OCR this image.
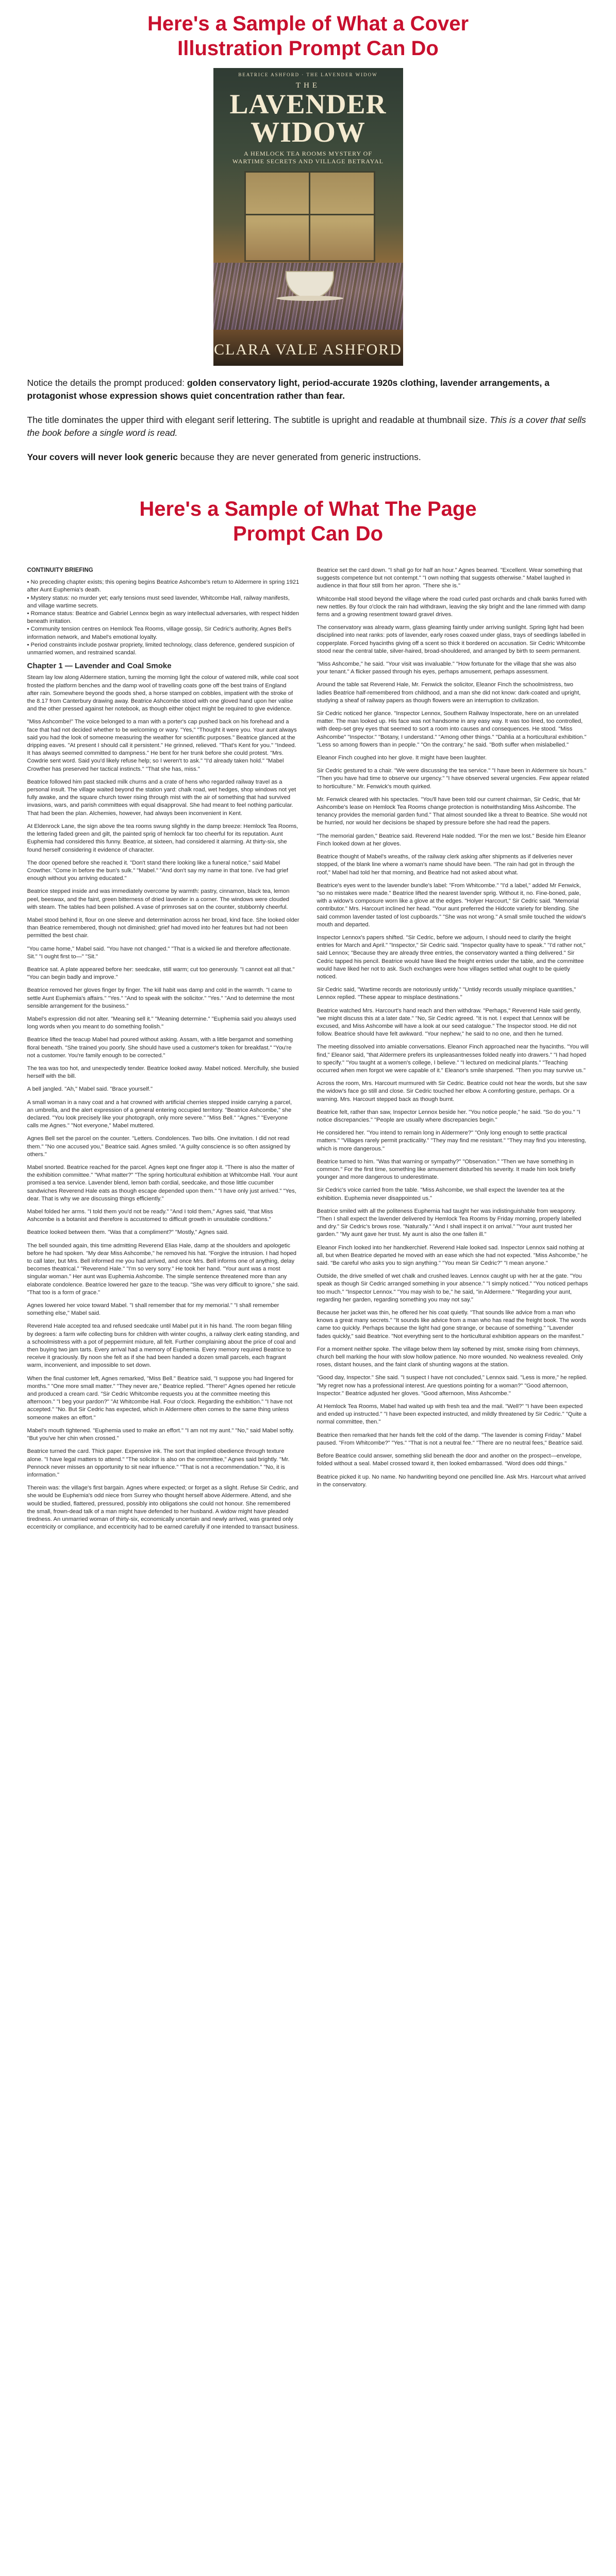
Here's a Sample of What a Cover Illustration Prompt Can Do
BEATRICE ASHFORD · THE LAVENDER WIDOW
THE
LAVENDER
WIDOW
A HEMLOCK TEA ROOMS MYSTERY OF
WARTIME SECRETS AND VILLAGE BETRAYAL
CLARA VALE ASHFORD

Notice the details the prompt produced: golden conservatory light, period-accurate 1920s clothing, lavender arrangements, a protagonist whose expression shows quiet concentration rather than fear.

The title dominates the upper third with elegant serif lettering. The subtitle is upright and readable at thumbnail size. This is a cover that sells the book before a single word is read.

Your covers will never look generic because they are never generated from generic instructions.

Here's a Sample of What The Page Prompt Can Do
CONTINUITY BRIEFING

• No preceding chapter exists; this opening begins Beatrice Ashcombe's return to Aldermere in spring 1921 after Aunt Euphemia's death.
• Mystery status: no murder yet; early tensions must seed lavender, Whitcombe Hall, railway manifests, and village wartime secrets.
• Romance status: Beatrice and Gabriel Lennox begin as wary intellectual adversaries, with respect hidden beneath irritation.
• Community tension centres on Hemlock Tea Rooms, village gossip, Sir Cedric's authority, Agnes Bell's information network, and Mabel's emotional loyalty.
• Period constraints include postwar propriety, limited technology, class deference, gendered suspicion of unmarried women, and restrained scandal.

Chapter 1 — Lavender and Coal Smoke

Steam lay low along Aldermere station, turning the morning light the colour of watered milk, while coal soot frosted the platform benches and the damp wool of travelling coats gone off the best trains of England after rain. Somewhere beyond the goods shed, a horse stamped on cobbles, impatient with the stroke of the 8.17 from Canterbury drawing away. Beatrice Ashcombe stood with one gloved hand upon her valise and the other pressed against her notebook, as though either object might be required to give evidence.

"Miss Ashcombe!" The voice belonged to a man with a porter's cap pushed back on his forehead and a face that had not decided whether to be welcoming or wary. "Yes," "Thought it were you. Your aunt always said you had the look of someone measuring the weather for scientific purposes." Beatrice glanced at the dripping eaves. "At present I should call it persistent." He grinned, relieved. "That's Kent for you." "Indeed. It has always seemed committed to dampness." He bent for her trunk before she could protest. "Mrs. Cowdrie sent word. Said you'd likely refuse help; so I weren't to ask." "I'd already taken hold." "Mabel Crowther has preserved her tactical instincts." "That she has, miss."

Beatrice followed him past stacked milk churns and a crate of hens who regarded railway travel as a personal insult. The village waited beyond the station yard: chalk road, wet hedges, shop windows not yet fully awake, and the square church tower rising through mist with the air of something that had survived invasions, wars, and parish committees with equal disapproval. She had meant to feel nothing particular. That had been the plan. Alchemies, however, had always been inconvenient in Kent.

At Eldenrock Lane, the sign above the tea rooms swung slightly in the damp breeze: Hemlock Tea Rooms, the lettering faded green and gilt, the painted sprig of hemlock far too cheerful for its reputation. Aunt Euphemia had considered this funny. Beatrice, at sixteen, had considered it alarming. At thirty-six, she found herself considering it evidence of character.

The door opened before she reached it. "Don't stand there looking like a funeral notice," said Mabel Crowther. "Come in before the bun's sulk." "Mabel." "And don't say my name in that tone. I've had grief enough without you arriving educated."

Beatrice stepped inside and was immediately overcome by warmth: pastry, cinnamon, black tea, lemon peel, beeswax, and the faint, green bitterness of dried lavender in a corner. The windows were clouded with steam. The tables had been polished. A vase of primroses sat on the counter, stubbornly cheerful.

Mabel stood behind it, flour on one sleeve and determination across her broad, kind face. She looked older than Beatrice remembered, though not diminished; grief had moved into her features but had not been permitted the best chair.

"You came home," Mabel said. "You have not changed." "That is a wicked lie and therefore affectionate. Sit." "I ought first to—" "Sit."

Beatrice sat. A plate appeared before her: seedcake, still warm; cut too generously. "I cannot eat all that." "You can begin badly and improve."

Beatrice removed her gloves finger by finger. The kill habit was damp and cold in the warmth. "I came to settle Aunt Euphemia's affairs." "Yes." "And to speak with the solicitor." "Yes." "And to determine the most sensible arrangement for the business."

Mabel's expression did not alter. "Meaning sell it." "Meaning determine." "Euphemia said you always used long words when you meant to do something foolish."

Beatrice lifted the teacup Mabel had poured without asking. Assam, with a little bergamot and something floral beneath. "She trained you poorly. She should have used a customer's token for breakfast." "You're not a customer. You're family enough to be corrected."

The tea was too hot, and unexpectedly tender. Beatrice looked away. Mabel noticed. Mercifully, she busied herself with the bill.

A bell jangled. "Ah," Mabel said. "Brace yourself."

A small woman in a navy coat and a hat crowned with artificial cherries stepped inside carrying a parcel, an umbrella, and the alert expression of a general entering occupied territory. "Beatrice Ashcombe," she declared. "You look precisely like your photograph, only more severe." "Miss Bell." "Agnes." "Everyone calls me Agnes." "Not everyone," Mabel muttered.

Agnes Bell set the parcel on the counter. "Letters. Condolences. Two bills. One invitation. I did not read them." "No one accused you," Beatrice said. Agnes smiled. "A guilty conscience is so often assigned by others."

Mabel snorted. Beatrice reached for the parcel. Agnes kept one finger atop it. "There is also the matter of the exhibition committee." "What matter?" "The spring horticultural exhibition at Whitcombe Hall. Your aunt promised a tea service. Lavender blend, lemon bath cordial, seedcake, and those little cucumber sandwiches Reverend Hale eats as though escape depended upon them." "I have only just arrived." "Yes, dear. That is why we are discussing things efficiently."

Mabel folded her arms. "I told them you'd not be ready." "And I told them," Agnes said, "that Miss Ashcombe is a botanist and therefore is accustomed to difficult growth in unsuitable conditions."

Beatrice looked between them. "Was that a compliment?" "Mostly," Agnes said.

The bell sounded again, this time admitting Reverend Elias Hale, damp at the shoulders and apologetic before he had spoken. "My dear Miss Ashcombe," he removed his hat. "Forgive the intrusion. I had hoped to call later, but Mrs. Bell informed me you had arrived, and once Mrs. Bell informs one of anything, delay becomes theatrical." "Reverend Hale." "I'm so very sorry." He took her hand. "Your aunt was a most singular woman." Her aunt was Euphemia Ashcombe. The simple sentence threatened more than any elaborate condolence. Beatrice lowered her gaze to the teacup. "She was very difficult to ignore," she said. "That too is a form of grace."

Agnes lowered her voice toward Mabel. "I shall remember that for my memorial." "I shall remember something else," Mabel said.

Reverend Hale accepted tea and refused seedcake until Mabel put it in his hand. The room began filling by degrees: a farm wife collecting buns for children with winter coughs, a railway clerk eating standing, and a schoolmistress with a pot of peppermint mixture, all felt. Further complaining about the price of coal and then buying two jam tarts. Every arrival had a memory of Euphemia. Every memory required Beatrice to receive it graciously. By noon she felt as if she had been handed a dozen small parcels, each fragrant warm, inconvenient, and impossible to set down.

When the final customer left, Agnes remarked, "Miss Bell." Beatrice said, "I suppose you had lingered for months." "One more small matter." "They never are," Beatrice replied. "There!" Agnes opened her reticule and produced a cream card. "Sir Cedric Whitcombe requests you at the committee meeting this afternoon." "I beg your pardon?" "At Whitcombe Hall. Four o'clock. Regarding the exhibition." "I have not accepted." "No. But Sir Cedric has expected, which in Aldermere often comes to the same thing unless someone makes an effort."

Mabel's mouth tightened. "Euphemia used to make an effort." "I am not my aunt." "No," said Mabel softly. "But you've her chin when crossed."

Beatrice turned the card. Thick paper. Expensive ink. The sort that implied obedience through texture alone. "I have legal matters to attend." "The solicitor is also on the committee," Agnes said brightly. "Mr. Pennock never misses an opportunity to sit near influence." "That is not a recommendation." "No, it is information."

Therein was: the village's first bargain. Agnes where expected; or forget as a slight. Refuse Sir Cedric, and she would be Euphemia's odd niece from Surrey who thought herself above Aldermere. Attend, and she would be studied, flattered, pressured, possibly into obligations she could not honour. She remembered the small, frown-dead talk of a man might have defended to her husband. A widow might have pleaded tiredness. An unmarried woman of thirty-six, economically uncertain and newly arrived, was granted only eccentricity or compliance, and eccentricity had to be earned carefully if one intended to transact business.

Beatrice set the card down. "I shall go for half an hour." Agnes beamed. "Excellent. Wear something that suggests competence but not contempt." "I own nothing that suggests otherwise." Mabel laughed in audience in that flour still from her apron. "There she is."

Whitcombe Hall stood beyond the village where the road curled past orchards and chalk banks furred with new nettles. By four o'clock the rain had withdrawn, leaving the sky bright and the lane rimmed with damp ferns and a growing resentment toward gravel drives.

The conservatory was already warm, glass gleaming faintly under arriving sunlight. Spring light had been disciplined into neat ranks: pots of lavender, early roses coaxed under glass, trays of seedlings labelled in copperplate. Forced hyacinths giving off a scent so thick it bordered on accusation. Sir Cedric Whitcombe stood near the central table, silver-haired, broad-shouldered, and arranged by birth to seem permanent.

"Miss Ashcombe," he said. "Your visit was invaluable." "How fortunate for the village that she was also your tenant." A flicker passed through his eyes, perhaps amusement, perhaps assessment.

Around the table sat Reverend Hale, Mr. Fenwick the solicitor, Eleanor Finch the schoolmistress, two ladies Beatrice half-remembered from childhood, and a man she did not know: dark-coated and upright, studying a sheaf of railway papers as though flowers were an interruption to civilization.

Sir Cedric noticed her glance. "Inspector Lennox, Southern Railway Inspectorate, here on an unrelated matter. The man looked up. His face was not handsome in any easy way. It was too lined, too controlled, with deep-set grey eyes that seemed to sort a room into causes and consequences. He stood. "Miss Ashcombe" "Inspector." "Botany, I understand." "Among other things." "Dahlia at a horticultural exhibition." "Less so among flowers than in people." "On the contrary," he said. "Both suffer when mislabelled."

Eleanor Finch coughed into her glove. It might have been laughter.

Sir Cedric gestured to a chair. "We were discussing the tea service." "I have been in Aldermere six hours." "Then you have had time to observe our urgency." "I have observed several urgencies. Few appear related to horticulture." Mr. Fenwick's mouth quirked.

Mr. Fenwick cleared with his spectacles. "You'll have been told our current chairman, Sir Cedric, that Mr Ashcombe's lease on Hemlock Tea Rooms change protection is notwithstanding Miss Ashcombe. The tenancy provides the memorial garden fund." That almost sounded like a threat to Beatrice. She would not be hurried, nor would her decisions be shaped by pressure before she had read the papers.

"The memorial garden," Beatrice said. Reverend Hale nodded. "For the men we lost." Beside him Eleanor Finch looked down at her gloves.

Beatrice thought of Mabel's wreaths, of the railway clerk asking after shipments as if deliveries never stopped, of the blank line where a woman's name should have been. "The rain had got in through the roof," Mabel had told her that morning, and Beatrice had not asked about what.

Beatrice's eyes went to the lavender bundle's label: "From Whitcombe." "I'd a label," added Mr Fenwick, "so no mistakes were made." Beatrice lifted the nearest lavender sprig. Without it, no. Fine-boned, pale, with a widow's composure worn like a glove at the edges. "Holyer Harcourt," Sir Cedric said. "Memorial contributor." Mrs. Harcourt inclined her head. "Your aunt preferred the Hidcote variety for blending. She said common lavender tasted of lost cupboards." "She was not wrong." A small smile touched the widow's mouth and departed.

Inspector Lennox's papers shifted. "Sir Cedric, before we adjourn, I should need to clarify the freight entries for March and April." "Inspector," Sir Cedric said. "Inspector quality have to speak." "I'd rather not," said Lennox; "Because they are already three entries, the conservatory wanted a thing delivered." Sir Cedric tapped his pencil. Beatrice would have liked the freight entries under the table, and the committee would have liked her not to ask. Such exchanges were how villages settled what ought to be quietly noticed.

Sir Cedric said, "Wartime records are notoriously untidy." "Untidy records usually misplace quantities," Lennox replied. "These appear to misplace destinations."

Beatrice watched Mrs. Harcourt's hand reach and then withdraw. "Perhaps," Reverend Hale said gently, "we might discuss this at a later date." "No, Sir Cedric agreed. "It is not. I expect that Lennox will be excused, and Miss Ashcombe will have a look at our seed catalogue." The Inspector stood. He did not follow. Beatrice should have felt awkward. "Your nephew," he said to no one, and then he turned.

The meeting dissolved into amiable conversations. Eleanor Finch approached near the hyacinths. "You will find," Eleanor said, "that Aldermere prefers its unpleasantnesses folded neatly into drawers." "I had hoped to specify." "You taught at a women's college, I believe." "I lectured on medicinal plants." "Teaching occurred when men forgot we were capable of it." Eleanor's smile sharpened. "Then you may survive us."

Across the room, Mrs. Harcourt murmured with Sir Cedric. Beatrice could not hear the words, but she saw the widow's face go still and close. Sir Cedric touched her elbow. A comforting gesture, perhaps. Or a warning. Mrs. Harcourt stepped back as though burnt.

Beatrice felt, rather than saw, Inspector Lennox beside her. "You notice people," he said. "So do you." "I notice discrepancies." "People are usually where discrepancies begin."

He considered her. "You intend to remain long in Aldermere?" "Only long enough to settle practical matters." "Villages rarely permit practicality." "They may find me resistant." "They may find you interesting, which is more dangerous."

Beatrice turned to him. "Was that warning or sympathy?" "Observation." "Then we have something in common." For the first time, something like amusement disturbed his severity. It made him look briefly younger and more dangerous to underestimate.

Sir Cedric's voice carried from the table. "Miss Ashcombe, we shall expect the lavender tea at the exhibition. Euphemia never disappointed us."

Beatrice smiled with all the politeness Euphemia had taught her was indistinguishable from weaponry. "Then I shall expect the lavender delivered by Hemlock Tea Rooms by Friday morning, properly labelled and dry." Sir Cedric's brows rose. "Naturally." "And I shall inspect it on arrival." "Your aunt trusted her garden." "My aunt gave her trust. My aunt is also the one fallen ill."

Eleanor Finch looked into her handkerchief. Reverend Hale looked sad. Inspector Lennox said nothing at all, but when Beatrice departed he moved with an ease which she had not expected. "Miss Ashcombe," he said. "Be careful who asks you to sign anything." "You mean Sir Cedric?" "I mean anyone."

Outside, the drive smelled of wet chalk and crushed leaves. Lennox caught up with her at the gate. "You speak as though Sir Cedric arranged something in your absence." "I simply noticed." "You noticed perhaps too much." "Inspector Lennox." "You may wish to be," he said, "in Aldermere." "Regarding your aunt, regarding her garden, regarding something you may not say."

Because her jacket was thin, he offered her his coat quietly. "That sounds like advice from a man who knows a great many secrets." "It sounds like advice from a man who has read the freight book. The words came too quickly. Perhaps because the light had gone strange, or because of something." "Lavender fades quickly," said Beatrice. "Not everything sent to the horticultural exhibition appears on the manifest."

For a moment neither spoke. The village below them lay softened by mist, smoke rising from chimneys, church bell marking the hour with slow hollow patience. No more wounded. No weakness revealed. Only roses, distant houses, and the faint clank of shunting wagons at the station.

"Good day, Inspector." She said. "I suspect I have not concluded," Lennox said. "Less is more," he replied. "My regret now has a professional interest. Are questions pointing for a woman?" "Good afternoon, Inspector." Beatrice adjusted her gloves. "Good afternoon, Miss Ashcombe."

At Hemlock Tea Rooms, Mabel had waited up with fresh tea and the mail. "Well?" "I have been expected and ended up instructed." "I have been expected instructed, and mildly threatened by Sir Cedric." "Quite a normal committee, then."

Beatrice then remarked that her hands felt the cold of the damp. "The lavender is coming Friday." Mabel paused. "From Whitcombe?" "Yes." "That is not a neutral fee." "There are no neutral fees," Beatrice said.

Before Beatrice could answer, something slid beneath the door and another on the prospect—envelope, folded without a seal. Mabel crossed toward it, then looked embarrassed. "Word does odd things."

Beatrice picked it up. No name. No handwriting beyond one pencilled line. Ask Mrs. Harcourt what arrived in the conservatory.
